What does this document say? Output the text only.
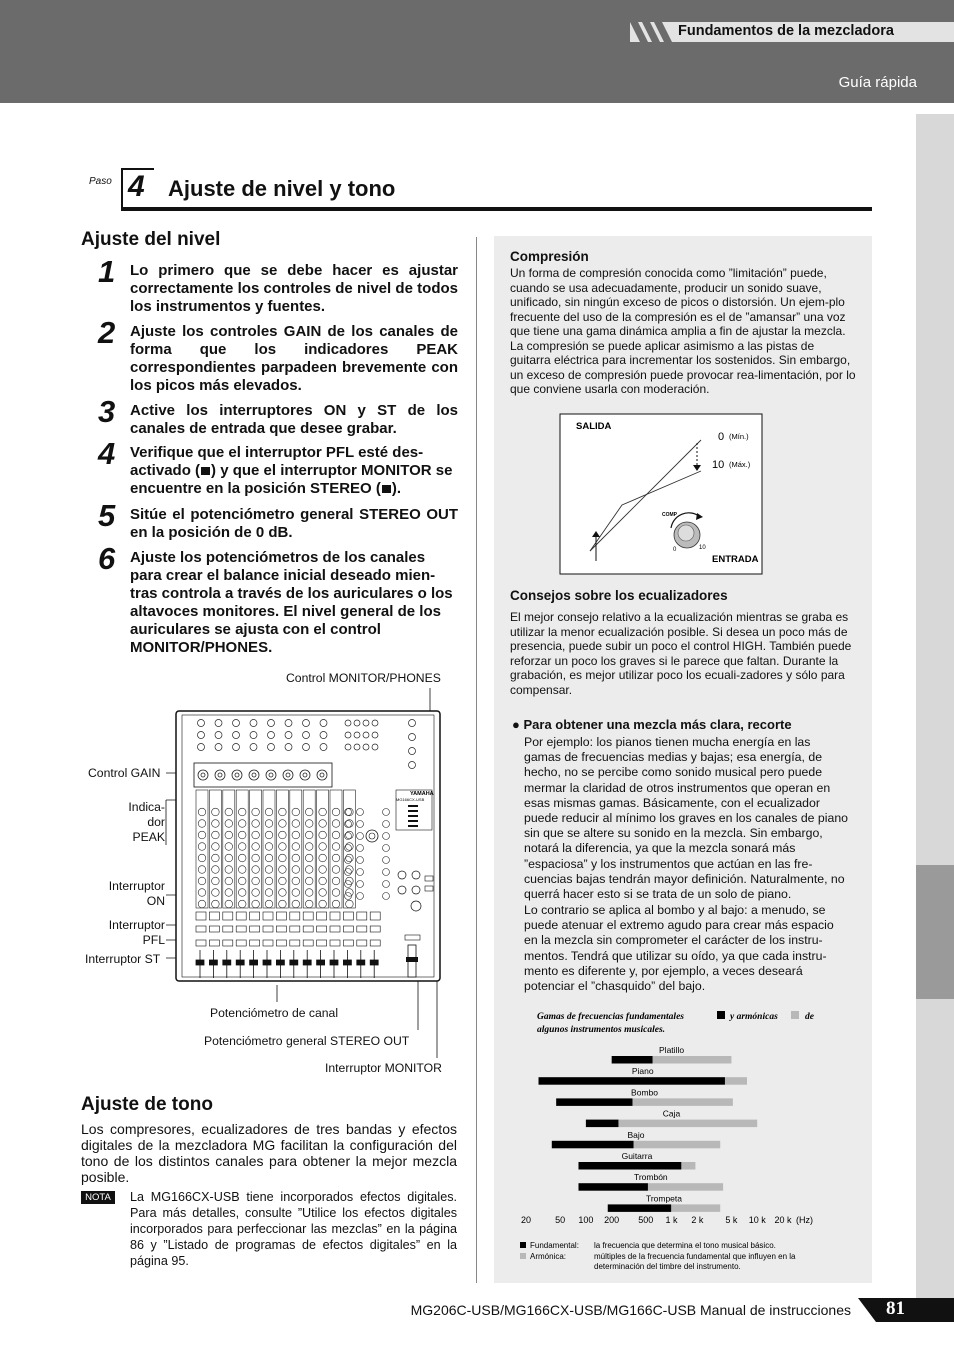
Fundamentos de la mezcladora
Guía rápida
Paso 4 Ajuste de nivel y tono
Ajuste del nivel
1 Lo primero que se debe hacer es ajustar correctamente los controles de nivel de todos los instrumentos y fuentes.
2 Ajuste los controles GAIN de los canales de forma que los indicadores PEAK correspondientes parpadeen brevemente con los picos más elevados.
3 Active los interruptores ON y ST de los canales de entrada que desee grabar.
4 Verifique que el interruptor PFL esté des-activado ( ) y que el interruptor MONITOR se encuentre en la posición STEREO ( ).
5 Sitúe el potenciómetro general STEREO OUT en la posición de 0 dB.
6 Ajuste los potenciómetros de los canales para crear el balance inicial deseado mien-tras controla a través de los auriculares o los altavoces monitores. El nivel general de los auriculares se ajusta con el control MONITOR/PHONES.
Control MONITOR/PHONES
Control GAIN
Indica-
dor
PEAK
Interruptor
ON
Interruptor
PFL
Interruptor ST
Potenciómetro de canal
Potenciómetro general STEREO OUT
Interruptor MONITOR
YAMAHA
MG166CX-USB
Ajuste de tono
Los compresores, ecualizadores de tres bandas y efectos digitales de la mezcladora MG facilitan la configuración del tono de los distintos canales para obtener la mejor mezcla posible.
NOTA	La MG166CX-USB tiene incorporados efectos digitales. Para más detalles, consulte ”Utilice los efectos digitales incorporados para perfeccionar las mezclas” en la página 86 y ”Listado de programas de efectos digitales” en la página 95.
Compresión
Un forma de compresión conocida como ”limitación” puede, cuando se usa adecuadamente, producir un sonido suave, unificado, sin ningún exceso de picos o distorsión. Un ejem-plo frecuente del uso de la compresión es el de ”amansar” una voz que tiene una gama dinámica amplia a fin de ajustar la mezcla. La compresión se puede aplicar asimismo a las pistas de guitarra eléctrica para incrementar los sostenidos. Sin embargo, un exceso de compresión puede provocar rea-limentación, por lo que conviene usarla con moderación.
SALIDA
ENTRADA
0 (Mín.)
10 (Máx.)
COMP
0	10
Consejos sobre los ecualizadores
El mejor consejo relativo a la ecualización mientras se graba es utilizar la menor ecualización posible. Si desea un poco más de presencia, puede subir un poco el control HIGH. También puede reforzar un poco los graves si le parece que faltan. Durante la grabación, es mejor utilizar poco los ecuali-zadores y sólo para compensar.
● Para obtener una mezcla más clara, recorte
Por ejemplo: los pianos tienen mucha energía en las gamas de frecuencias medias y bajas; esa energía, de hecho, no se percibe como sonido musical pero puede mermar la claridad de otros instrumentos que operan en esas mismas gamas. Básicamente, con el ecualizador puede reducir al mínimo los graves en los canales de piano sin que se altere su sonido en la mezcla. Sin embargo, notará la diferencia, ya que la mezcla sonará más ”espaciosa” y los instrumentos que actúan en las fre-cuencias bajas tendrán mayor definición. Naturalmente, no querrá hacer esto si se trata de un solo de piano.
Lo contrario se aplica al bombo y al bajo: a menudo, se puede atenuar el extremo agudo para crear más espacio en la mezcla sin comprometer el carácter de los instru-mentos. Tendrá que utilizar su oído, ya que cada instru-mento es diferente y, por ejemplo, a veces deseará potenciar el ”chasquido” del bajo.
Gamas de frecuencias fundamentales	y armónicas	de
algunos instrumentos musicales.
Platillo
Piano
Bombo
Caja
Bajo
Guitarra
Trombón
Trompeta
20	50 100 200 500 1 k 2 k 5 k 10 k 20 k (Hz)
Fundamental: la frecuencia que determina el tono musical básico.
Armónica:	múltiples de la frecuencia fundamental que influyen en la
determinación del timbre del instrumento.
MG206C-USB/MG166CX-USB/MG166C-USB Manual de instrucciones 81
